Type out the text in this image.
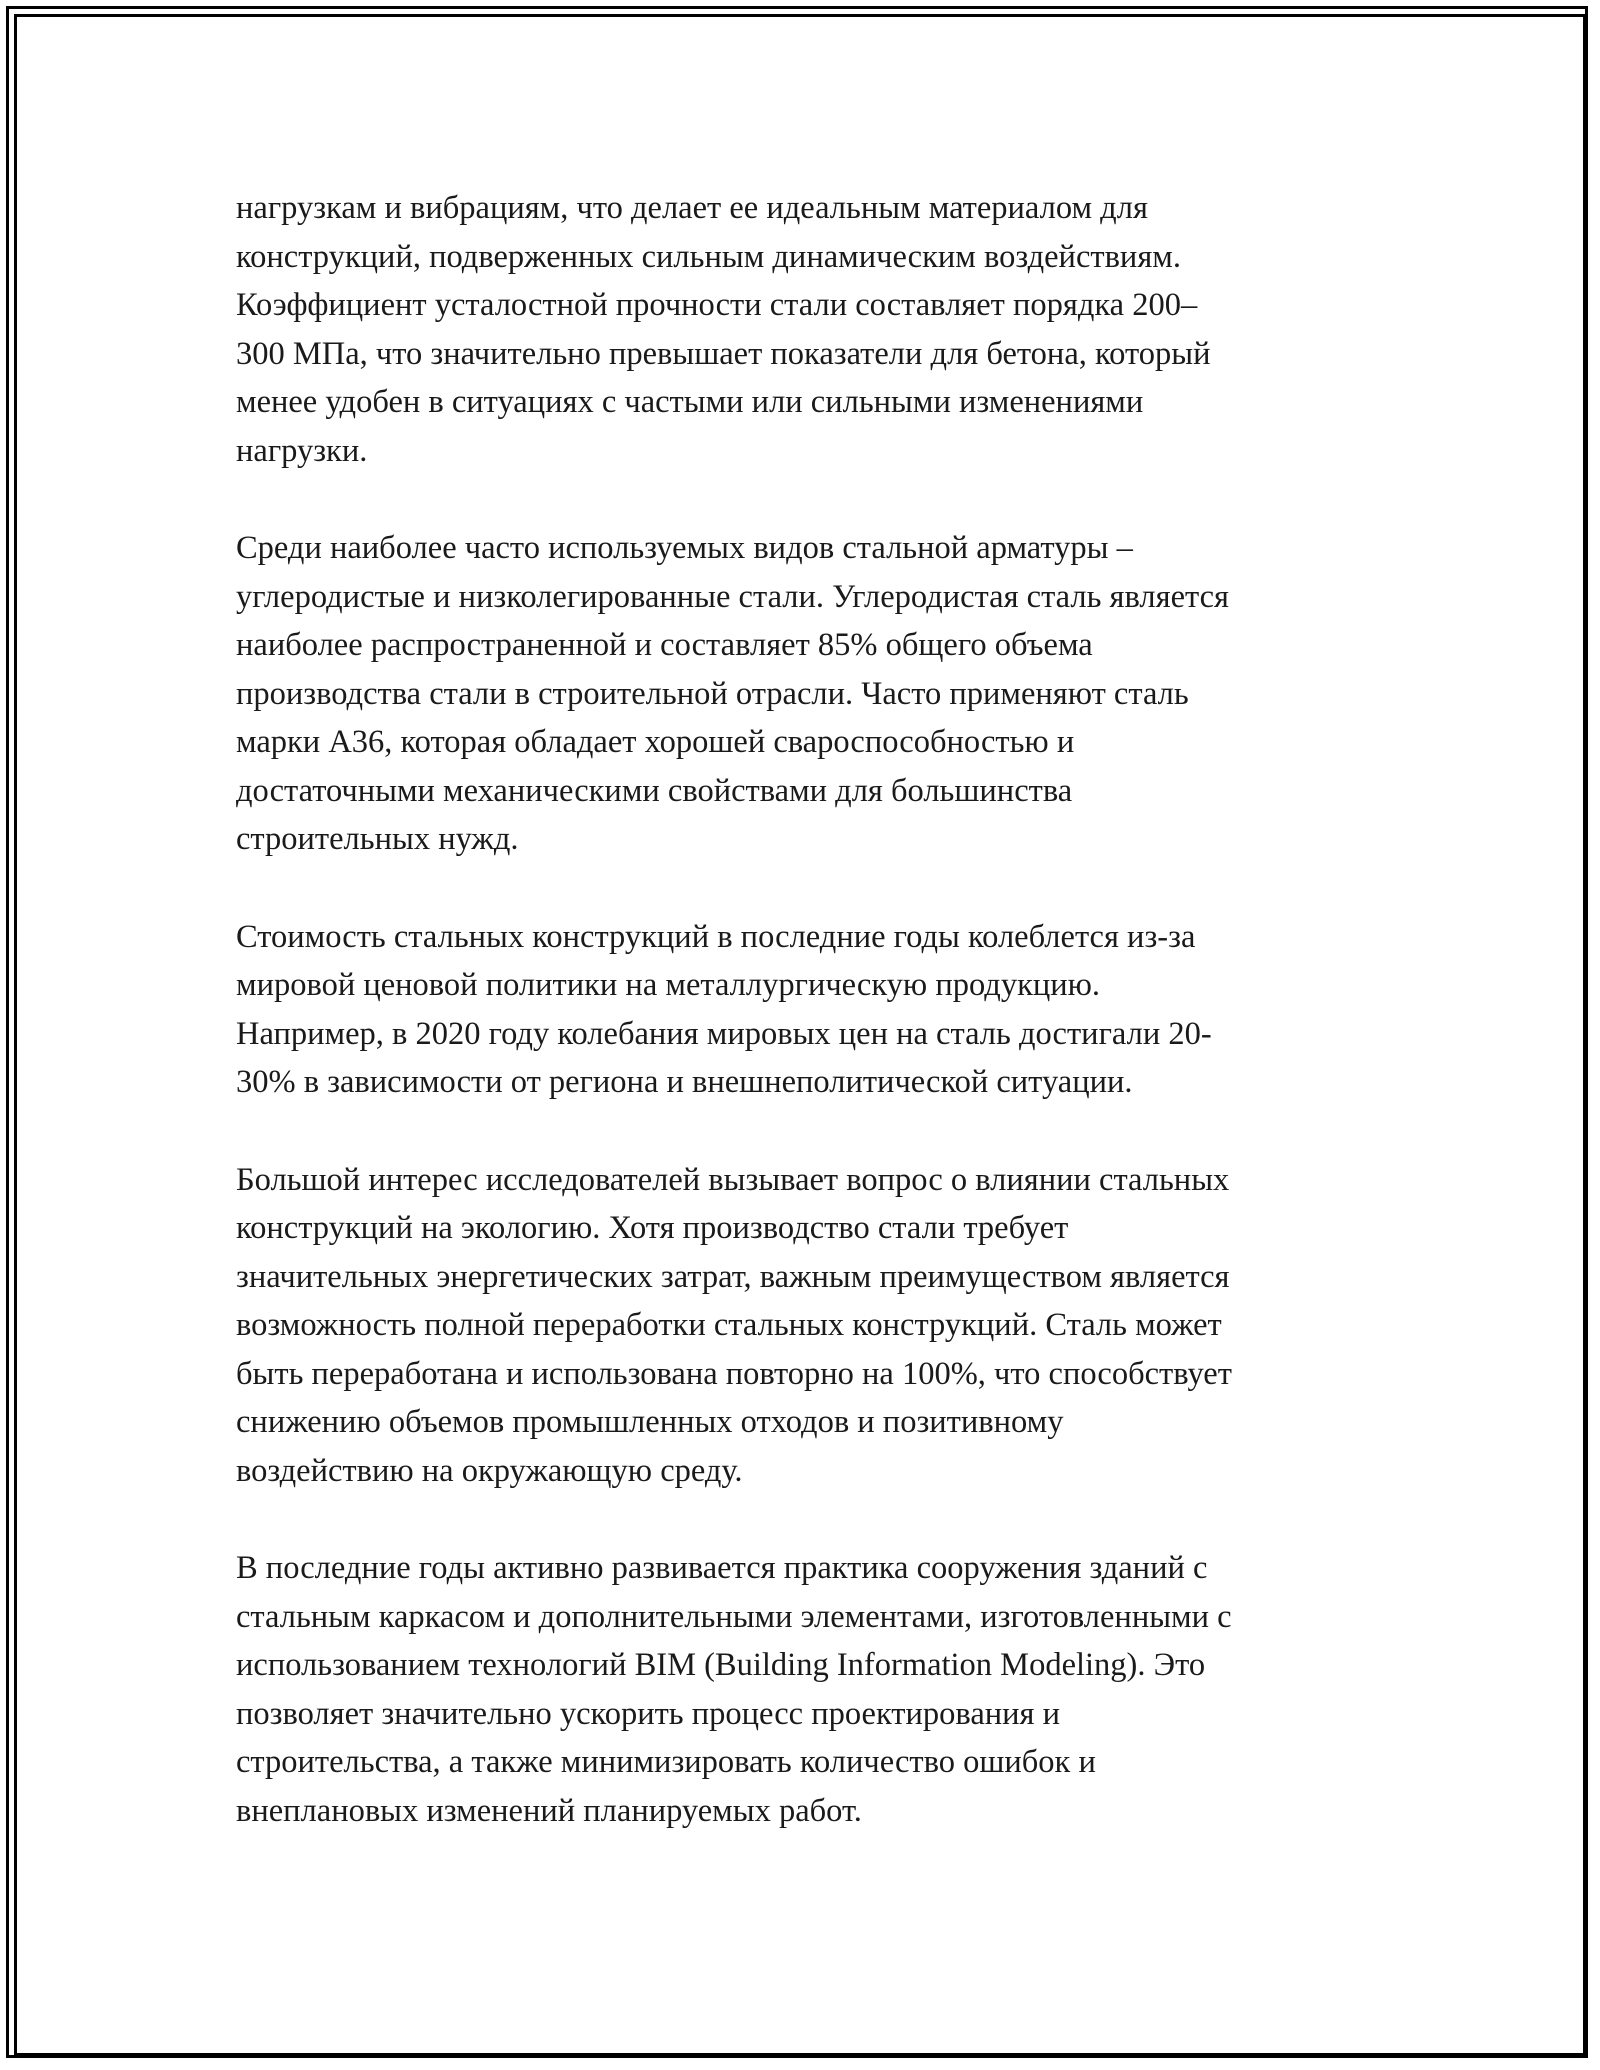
нагрузкам и вибрациям, что делает ее идеальным материалом для
конструкций, подверженных сильным динамическим воздействиям.
Коэффициент усталостной прочности стали составляет порядка 200–
300 МПа, что значительно превышает показатели для бетона, который
менее удобен в ситуациях с частыми или сильными изменениями
нагрузки.
Среди наиболее часто используемых видов стальной арматуры –
углеродистые и низколегированные стали. Углеродистая сталь является
наиболее распространенной и составляет 85% общего объема
производства стали в строительной отрасли. Часто применяют сталь
марки А36, которая обладает хорошей свароспособностью и
достаточными механическими свойствами для большинства
строительных нужд.
Стоимость стальных конструкций в последние годы колеблется из-за
мировой ценовой политики на металлургическую продукцию.
Например, в 2020 году колебания мировых цен на сталь достигали 20-
30% в зависимости от региона и внешнеполитической ситуации.
Большой интерес исследователей вызывает вопрос о влиянии стальных
конструкций на экологию. Хотя производство стали требует
значительных энергетических затрат, важным преимуществом является
возможность полной переработки стальных конструкций. Сталь может
быть переработана и использована повторно на 100%, что способствует
снижению объемов промышленных отходов и позитивному
воздействию на окружающую среду.
В последние годы активно развивается практика сооружения зданий с
стальным каркасом и дополнительными элементами, изготовленными с
использованием технологий BIM (Building Information Modeling). Это
позволяет значительно ускорить процесс проектирования и
строительства, а также минимизировать количество ошибок и
внеплановых изменений планируемых работ.
